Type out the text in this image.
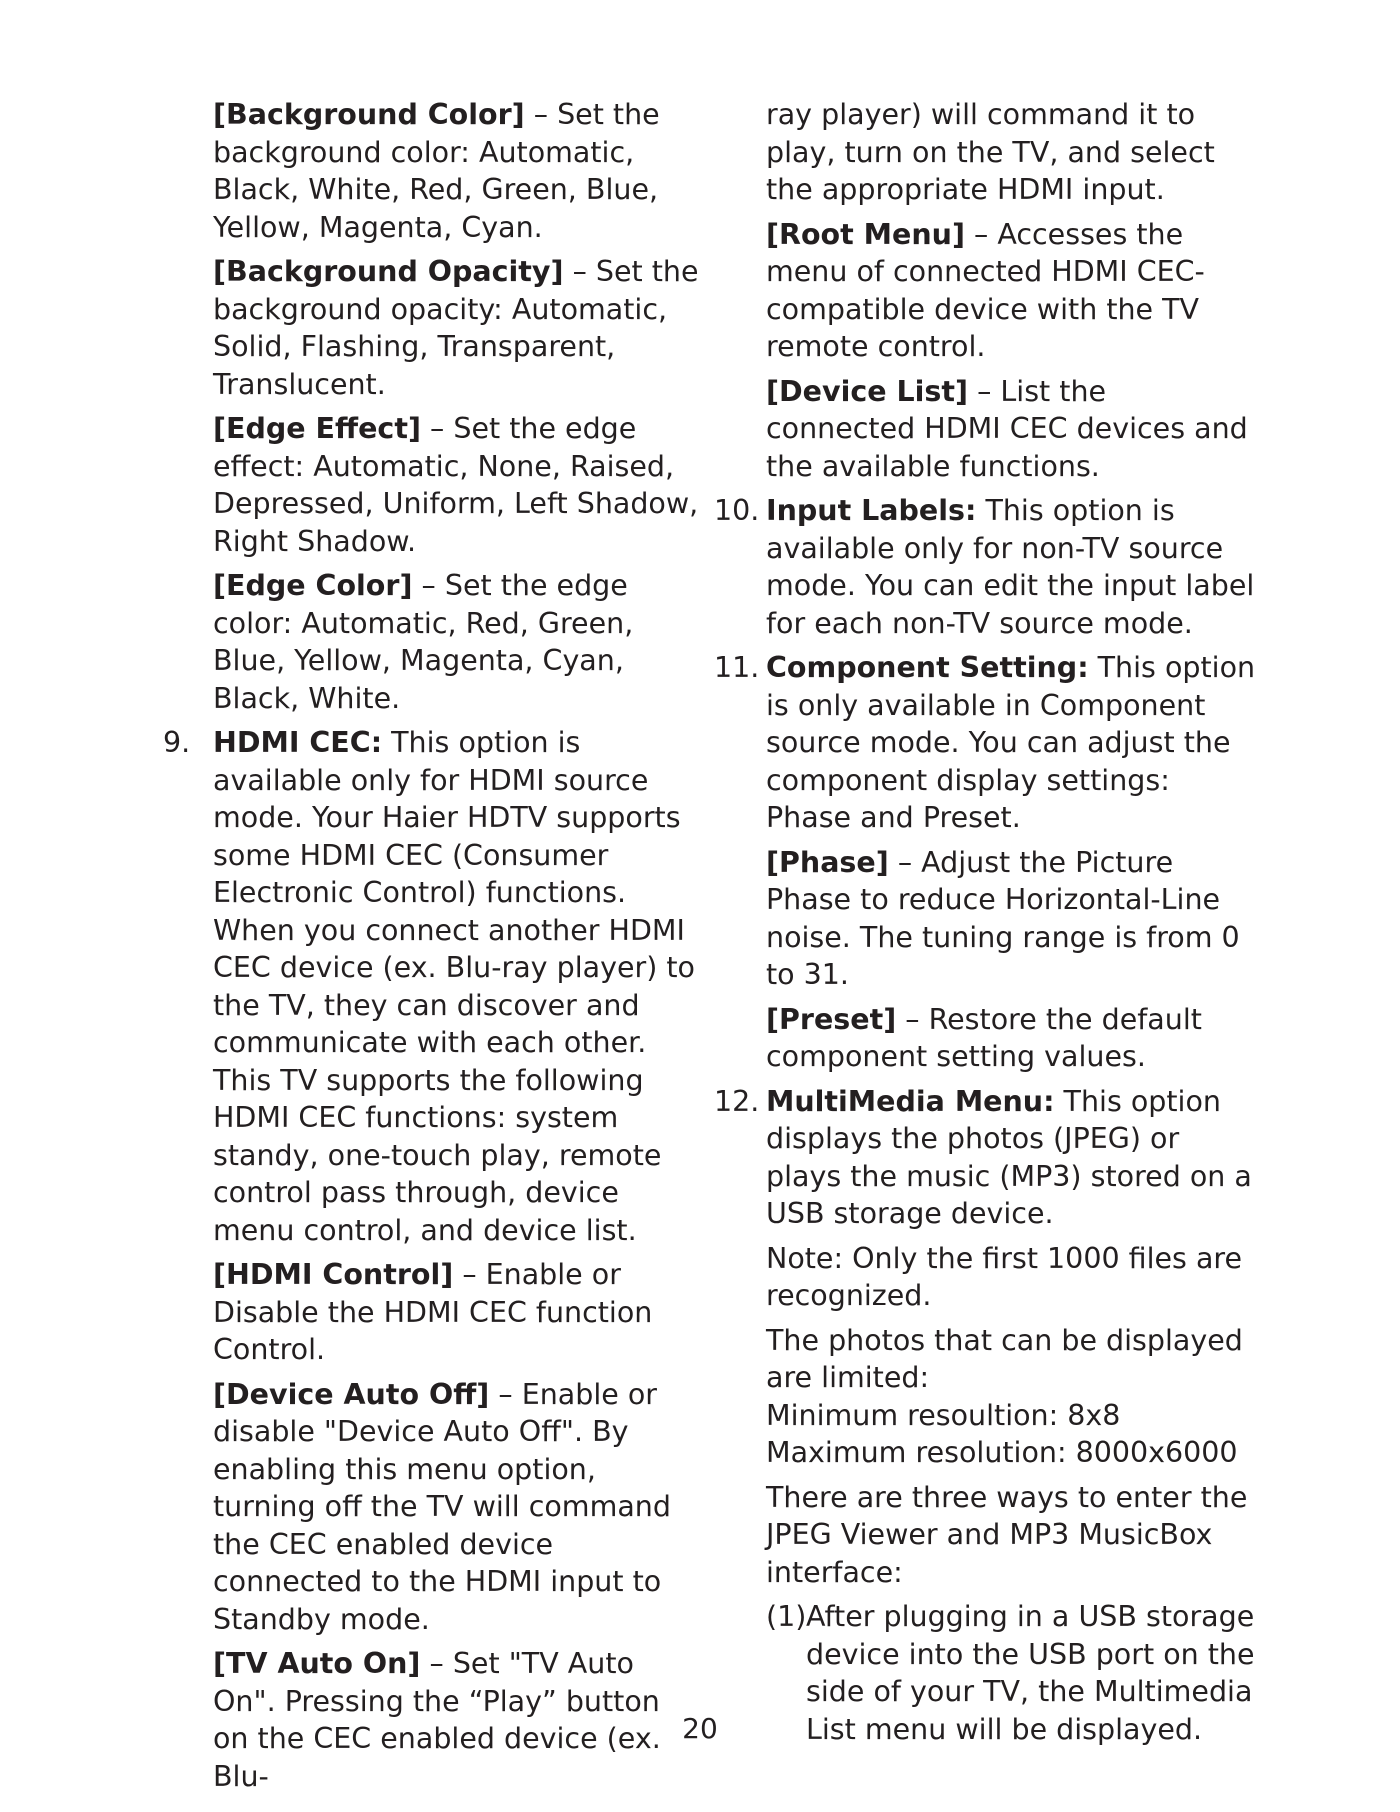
[Background Color] – Set the background color: Automatic, Black, White, Red, Green, Blue, Yellow, Magenta, Cyan.

[Background Opacity] – Set the background opacity: Automatic, Solid, Flashing, Transparent, Translucent.

[Edge Effect] – Set the edge effect: Automatic, None, Raised, Depressed, Uniform, Left Shadow, Right Shadow.

[Edge Color] – Set the edge color: Automatic, Red, Green, Blue, Yellow, Magenta, Cyan, Black, White.

9. HDMI CEC: This option is available only for HDMI source mode. Your Haier HDTV supports some HDMI CEC (Consumer Electronic Control) functions. When you connect another HDMI CEC device (ex. Blu-ray player) to the TV, they can discover and communicate with each other. This TV supports the following HDMI CEC functions: system standy, one-touch play, remote control pass through, device menu control, and device list.

[HDMI Control] – Enable or Disable the HDMI CEC function Control.

[Device Auto Off] – Enable or disable "Device Auto Off". By enabling this menu option, turning off the TV will command the CEC enabled device connected to the HDMI input to Standby mode.

[TV Auto On] – Set "TV Auto On". Pressing the “Play” button on the CEC enabled device (ex. Blu-

ray player) will command it to play, turn on the TV, and select the appropriate HDMI input.

[Root Menu] – Accesses the menu of connected HDMI CEC-compatible device with the TV remote control.

[Device List] – List the connected HDMI CEC devices and the available functions.

10. Input Labels: This option is available only for non-TV source mode. You can edit the input label for each non-TV source mode.

11. Component Setting: This option is only available in Component source mode. You can adjust the component display settings: Phase and Preset.

[Phase] – Adjust the Picture Phase to reduce Horizontal-Line noise. The tuning range is from 0 to 31.

[Preset] – Restore the default component setting values.

12. MultiMedia Menu: This option displays the photos (JPEG) or plays the music (MP3) stored on a USB storage device.

Note: Only the first 1000 files are recognized.

The photos that can be displayed are limited:

Minimum resoultion: 8x8

Maximum resolution: 8000x6000

There are three ways to enter the JPEG Viewer and MP3 MusicBox interface:

(1) After plugging in a USB storage device into the USB port on the side of your TV, the Multimedia List menu will be displayed.

20
